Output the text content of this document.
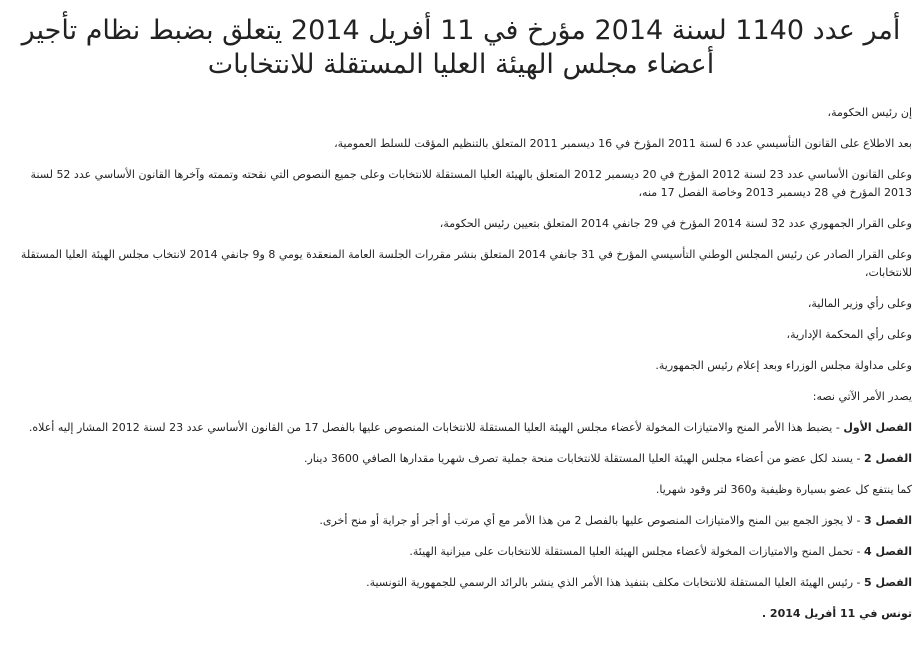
أمر عدد 1140 لسنة 2014 مؤرخ في 11 أفريل 2014 يتعلق بضبط نظام تأجير أعضاء مجلس الهيئة العليا المستقلة للانتخابات

إن رئيس الحكومة،

بعد الاطلاع على القانون التأسيسي عدد 6 لسنة 2011 المؤرخ في 16 ديسمبر 2011 المتعلق بالتنظيم المؤقت للسلط العمومية،

وعلى القانون الأساسي عدد 23 لسنة 2012 المؤرخ في 20 ديسمبر 2012 المتعلق بالهيئة العليا المستقلة للانتخابات وعلى جميع النصوص التي نقحته وتممته وآخرها القانون الأساسي عدد 52 لسنة 2013 المؤرخ في 28 ديسمبر 2013 وخاصة الفصل 17 منه،

وعلى القرار الجمهوري عدد 32 لسنة 2014 المؤرخ في 29 جانفي 2014 المتعلق بتعيين رئيس الحكومة،

وعلى القرار الصادر عن رئيس المجلس الوطني التأسيسي المؤرخ في 31 جانفي 2014 المتعلق بنشر مقررات الجلسة العامة المنعقدة يومي 8 و9 جانفي 2014 لانتخاب مجلس الهيئة العليا المستقلة للانتخابات،

وعلى رأي وزير المالية،

وعلى رأي المحكمة الإدارية،

وعلى مداولة مجلس الوزراء وبعد إعلام رئيس الجمهورية.

يصدر الأمر الآتي نصه:

الفصل الأول - يضبط هذا الأمر المنح والامتيازات المخولة لأعضاء مجلس الهيئة العليا المستقلة للانتخابات المنصوص عليها بالفصل 17 من القانون الأساسي عدد 23 لسنة 2012 المشار إليه أعلاه.

الفصل 2 - يسند لكل عضو من أعضاء مجلس الهيئة العليا المستقلة للانتخابات منحة جملية تصرف شهريا مقدارها الصافي 3600 دينار.

كما ينتفع كل عضو بسيارة وظيفية و360 لتر وقود شهريا.

الفصل 3 - لا يجوز الجمع بين المنح والامتيازات المنصوص عليها بالفصل 2 من هذا الأمر مع أي مرتب أو أجر أو جراية أو منح أخرى.

الفصل 4 - تحمل المنح والامتيازات المخولة لأعضاء مجلس الهيئة العليا المستقلة للانتخابات على ميزانية الهيئة.

الفصل 5 - رئيس الهيئة العليا المستقلة للانتخابات مكلف بتنفيذ هذا الأمر الذي ينشر بالرائد الرسمي للجمهورية التونسية.

تونس في 11 أفريل 2014 .
